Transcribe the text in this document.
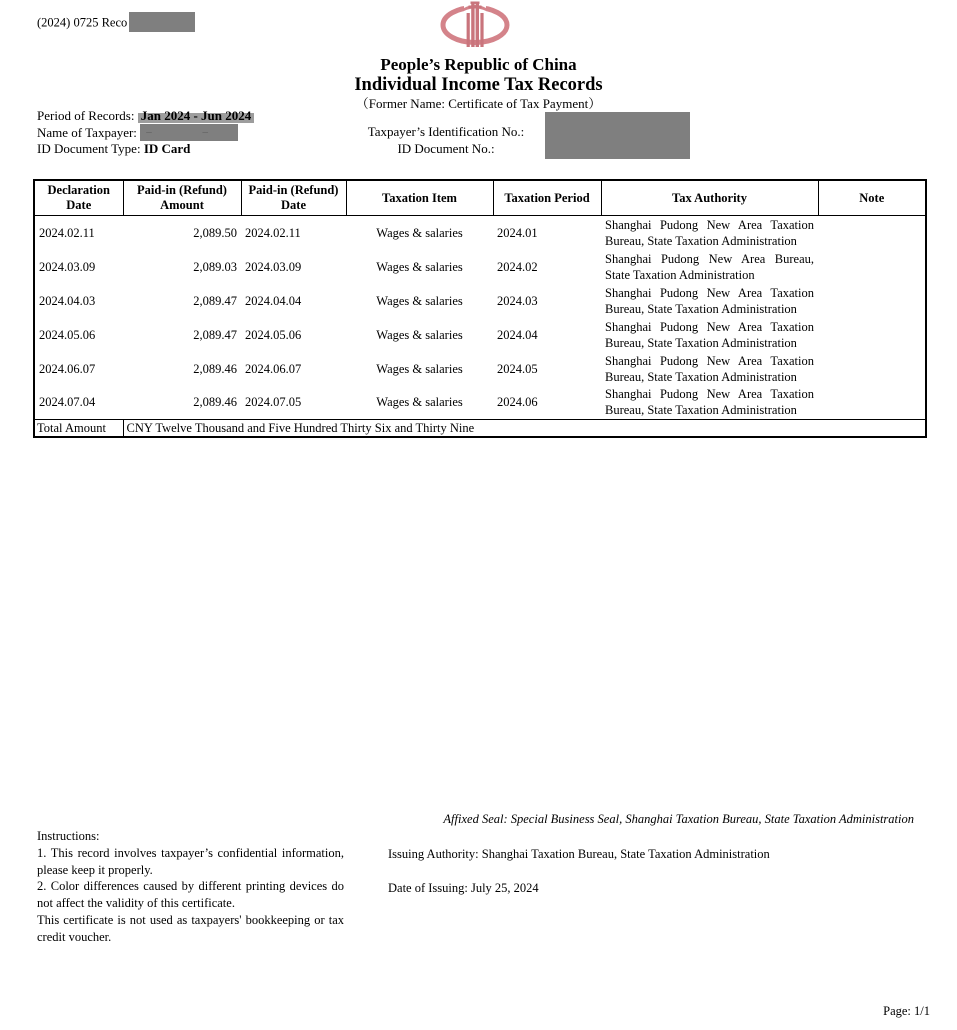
(2024) 0725 Reco
People’s Republic of China
Individual Income Tax Records
（Former Name: Certificate of Tax Payment）
Period of Records: Jan 2024 - Jun 2024
Name of Taxpayer: – –
ID Document Type: ID Card
Taxpayer’s Identification No.:
ID Document No.:
Declaration Date	Paid-in (Refund) Amount	Paid-in (Refund) Date	Taxation Item	Taxation Period	Tax Authority	Note
2024.02.11	2,089.50	2024.02.11	Wages & salaries	2024.01	Shanghai Pudong New Area Taxation Bureau, State Taxation Administration	
2024.03.09	2,089.03	2024.03.09	Wages & salaries	2024.02	Shanghai Pudong New Area Bureau, State Taxation Administration	
2024.04.03	2,089.47	2024.04.04	Wages & salaries	2024.03	Shanghai Pudong New Area Taxation Bureau, State Taxation Administration	
2024.05.06	2,089.47	2024.05.06	Wages & salaries	2024.04	Shanghai Pudong New Area Taxation Bureau, State Taxation Administration	
2024.06.07	2,089.46	2024.06.07	Wages & salaries	2024.05	Shanghai Pudong New Area Taxation Bureau, State Taxation Administration	
2024.07.04	2,089.46	2024.07.05	Wages & salaries	2024.06	Shanghai Pudong New Area Taxation Bureau, State Taxation Administration	
Total Amount	CNY Twelve Thousand and Five Hundred Thirty Six and Thirty Nine					
Affixed Seal: Special Business Seal, Shanghai Taxation Bureau, State Taxation Administration
Instructions:

1. This record involves taxpayer’s confidential information, please keep it properly.

2. Color differences caused by different printing devices do not affect the validity of this certificate.

This certificate is not used as taxpayers' bookkeeping or tax credit voucher.

Issuing Authority: Shanghai Taxation Bureau, State Taxation Administration
Date of Issuing: July 25, 2024
Page: 1/1
